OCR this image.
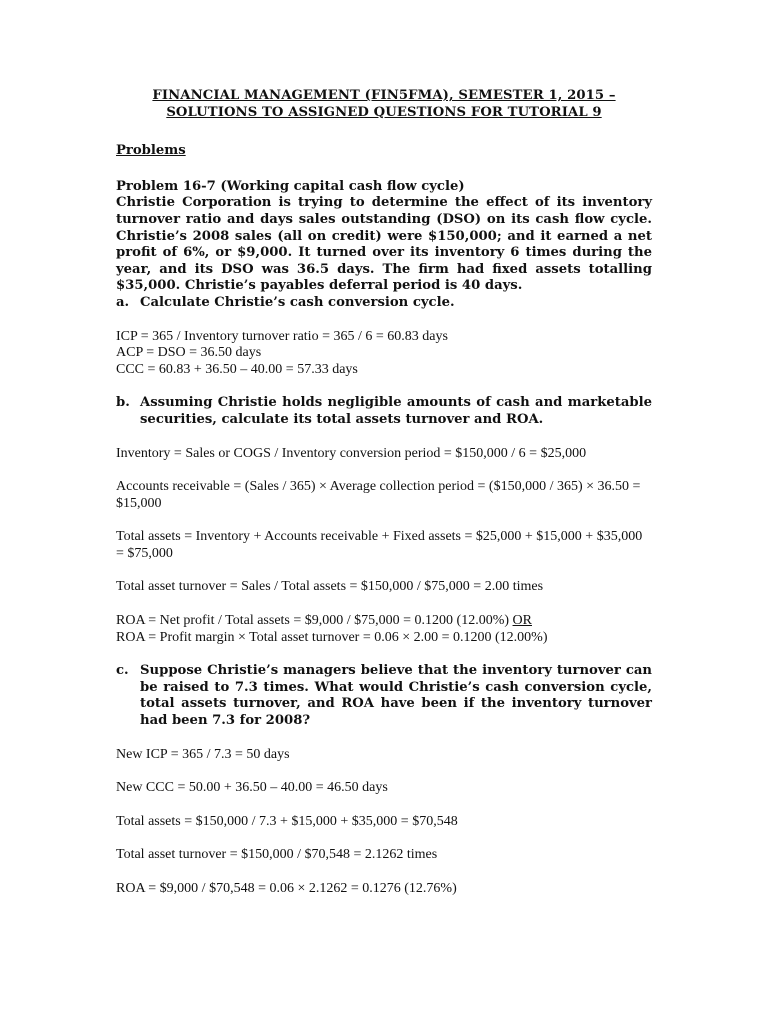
FINANCIAL MANAGEMENT (FIN5FMA), SEMESTER 1, 2015 –
SOLUTIONS TO ASSIGNED QUESTIONS FOR TUTORIAL 9
Problems
Problem 16-7 (Working capital cash flow cycle)
Christie Corporation is trying to determine the effect of its inventory turnover ratio and days sales outstanding (DSO) on its cash flow cycle. Christie’s 2008 sales (all on credit) were $150,000; and it earned a net profit of 6%, or $9,000. It turned over its inventory 6 times during the year, and its DSO was 36.5 days. The firm had fixed assets totalling $35,000. Christie’s payables deferral period is 40 days.
a. Calculate Christie’s cash conversion cycle.
ICP = 365 / Inventory turnover ratio = 365 / 6 = 60.83 days
ACP = DSO = 36.50 days
CCC = 60.83 + 36.50 – 40.00 = 57.33 days
b. Assuming Christie holds negligible amounts of cash and marketable securities, calculate its total assets turnover and ROA.
Inventory = Sales or COGS / Inventory conversion period = $150,000 / 6 = $25,000
Accounts receivable = (Sales / 365) × Average collection period = ($150,000 / 365) × 36.50 = $15,000
Total assets = Inventory + Accounts receivable + Fixed assets = $25,000 + $15,000 + $35,000 = $75,000
Total asset turnover = Sales / Total assets = $150,000 / $75,000 = 2.00 times
ROA = Net profit / Total assets = $9,000 / $75,000 = 0.1200 (12.00%) OR
ROA = Profit margin × Total asset turnover = 0.06 × 2.00 = 0.1200 (12.00%)
c. Suppose Christie’s managers believe that the inventory turnover can be raised to 7.3 times. What would Christie’s cash conversion cycle, total assets turnover, and ROA have been if the inventory turnover had been 7.3 for 2008?
New ICP = 365 / 7.3 = 50 days
New CCC = 50.00 + 36.50 – 40.00 = 46.50 days
Total assets = $150,000 / 7.3 + $15,000 + $35,000 = $70,548
Total asset turnover = $150,000 / $70,548 = 2.1262 times
ROA = $9,000 / $70,548 = 0.06 × 2.1262 = 0.1276 (12.76%)
